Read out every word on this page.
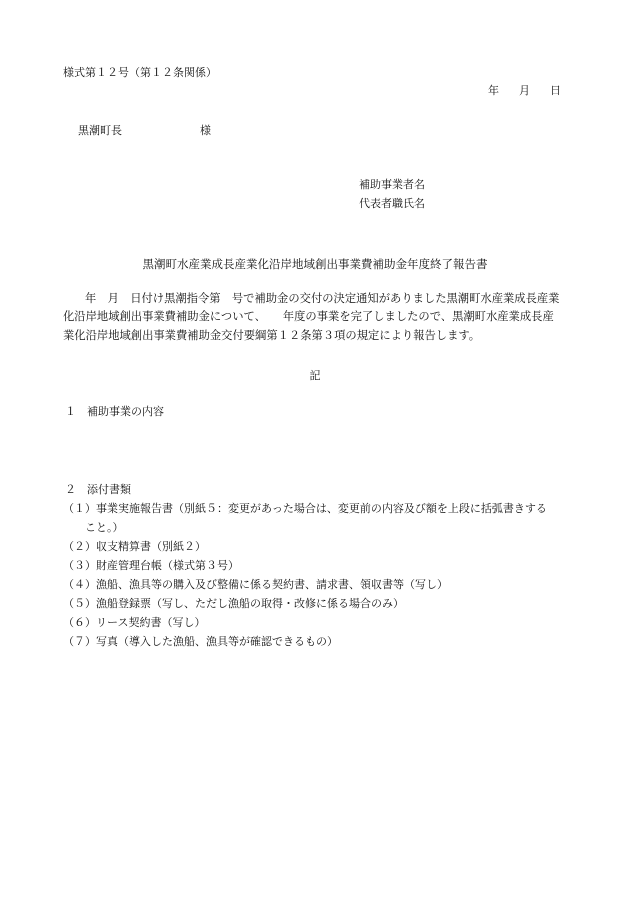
様式第１２号（第１２条関係）
年 月 日
黒潮町長	様
補助事業者名
代表者職氏名
黒潮町水産業成長産業化沿岸地域創出事業費補助金年度終了報告書
年　月　日付け黒潮指令第　号で補助金の交付の決定通知がありました黒潮町水産業成長産業
化沿岸地域創出事業費補助金について、　　年度の事業を完了しましたので、黒潮町水産業成長産
業化沿岸地域創出事業費補助金交付要綱第１２条第３項の規定により報告します。
記
１　補助事業の内容
２　添付書類
（１）事業実施報告書（別紙５：変更があった場合は、変更前の内容及び額を上段に括弧書きする
　　こと。）
（２）収支精算書（別紙２）
（３）財産管理台帳（様式第３号）
（４）漁船、漁具等の購入及び整備に係る契約書、請求書、領収書等（写し）
（５）漁船登録票（写し、ただし漁船の取得・改修に係る場合のみ）
（６）リース契約書（写し）
（７）写真（導入した漁船、漁具等が確認できるもの）
